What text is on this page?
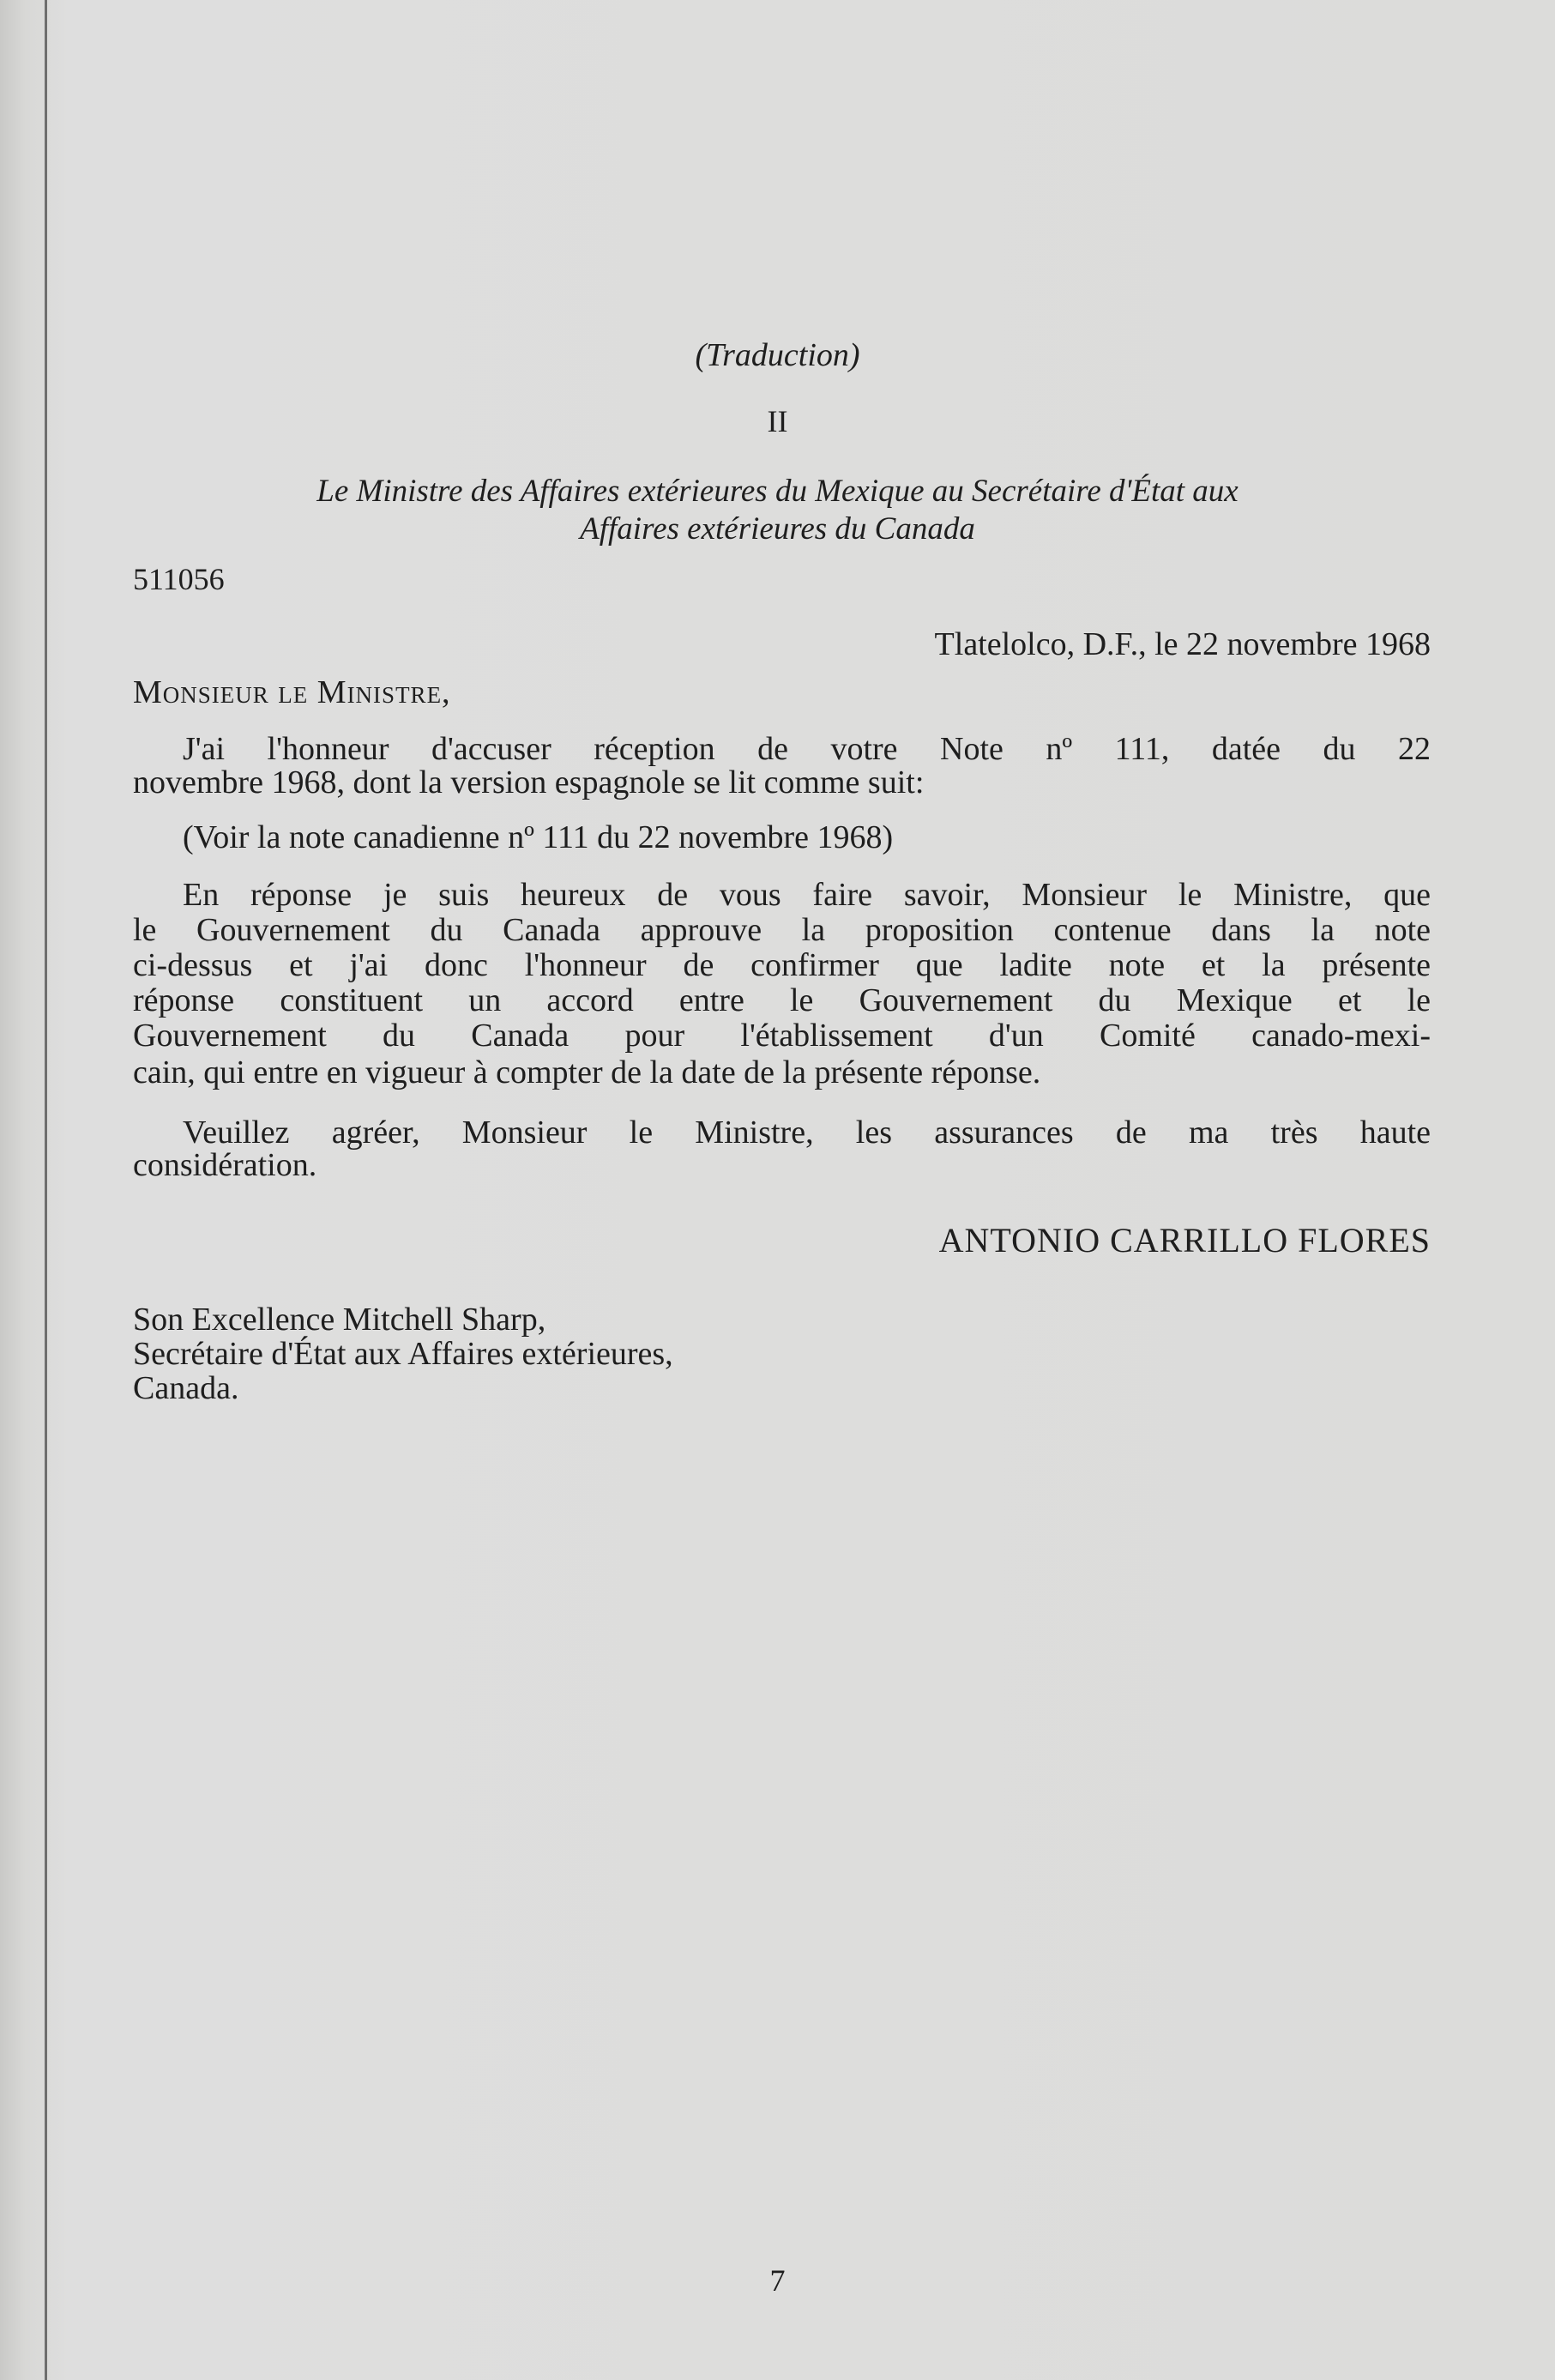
(Traduction)
II
Le Ministre des Affaires extérieures du Mexique au Secrétaire d'État aux
Affaires extérieures du Canada
511056
Tlatelolco, D.F., le 22 novembre 1968
Monsieur le Ministre,
J'ai l'honneur d'accuser réception de votre Note nº 111, datée du 22
novembre 1968, dont la version espagnole se lit comme suit:
(Voir la note canadienne nº 111 du 22 novembre 1968)
En réponse je suis heureux de vous faire savoir, Monsieur le Ministre, que
le Gouvernement du Canada approuve la proposition contenue dans la note
ci-dessus et j'ai donc l'honneur de confirmer que ladite note et la présente
réponse constituent un accord entre le Gouvernement du Mexique et le
Gouvernement du Canada pour l'établissement d'un Comité canado-mexi-
cain, qui entre en vigueur à compter de la date de la présente réponse.
Veuillez agréer, Monsieur le Ministre, les assurances de ma très haute
considération.
ANTONIO CARRILLO FLORES
Son Excellence Mitchell Sharp,
Secrétaire d'État aux Affaires extérieures,
Canada.
7
